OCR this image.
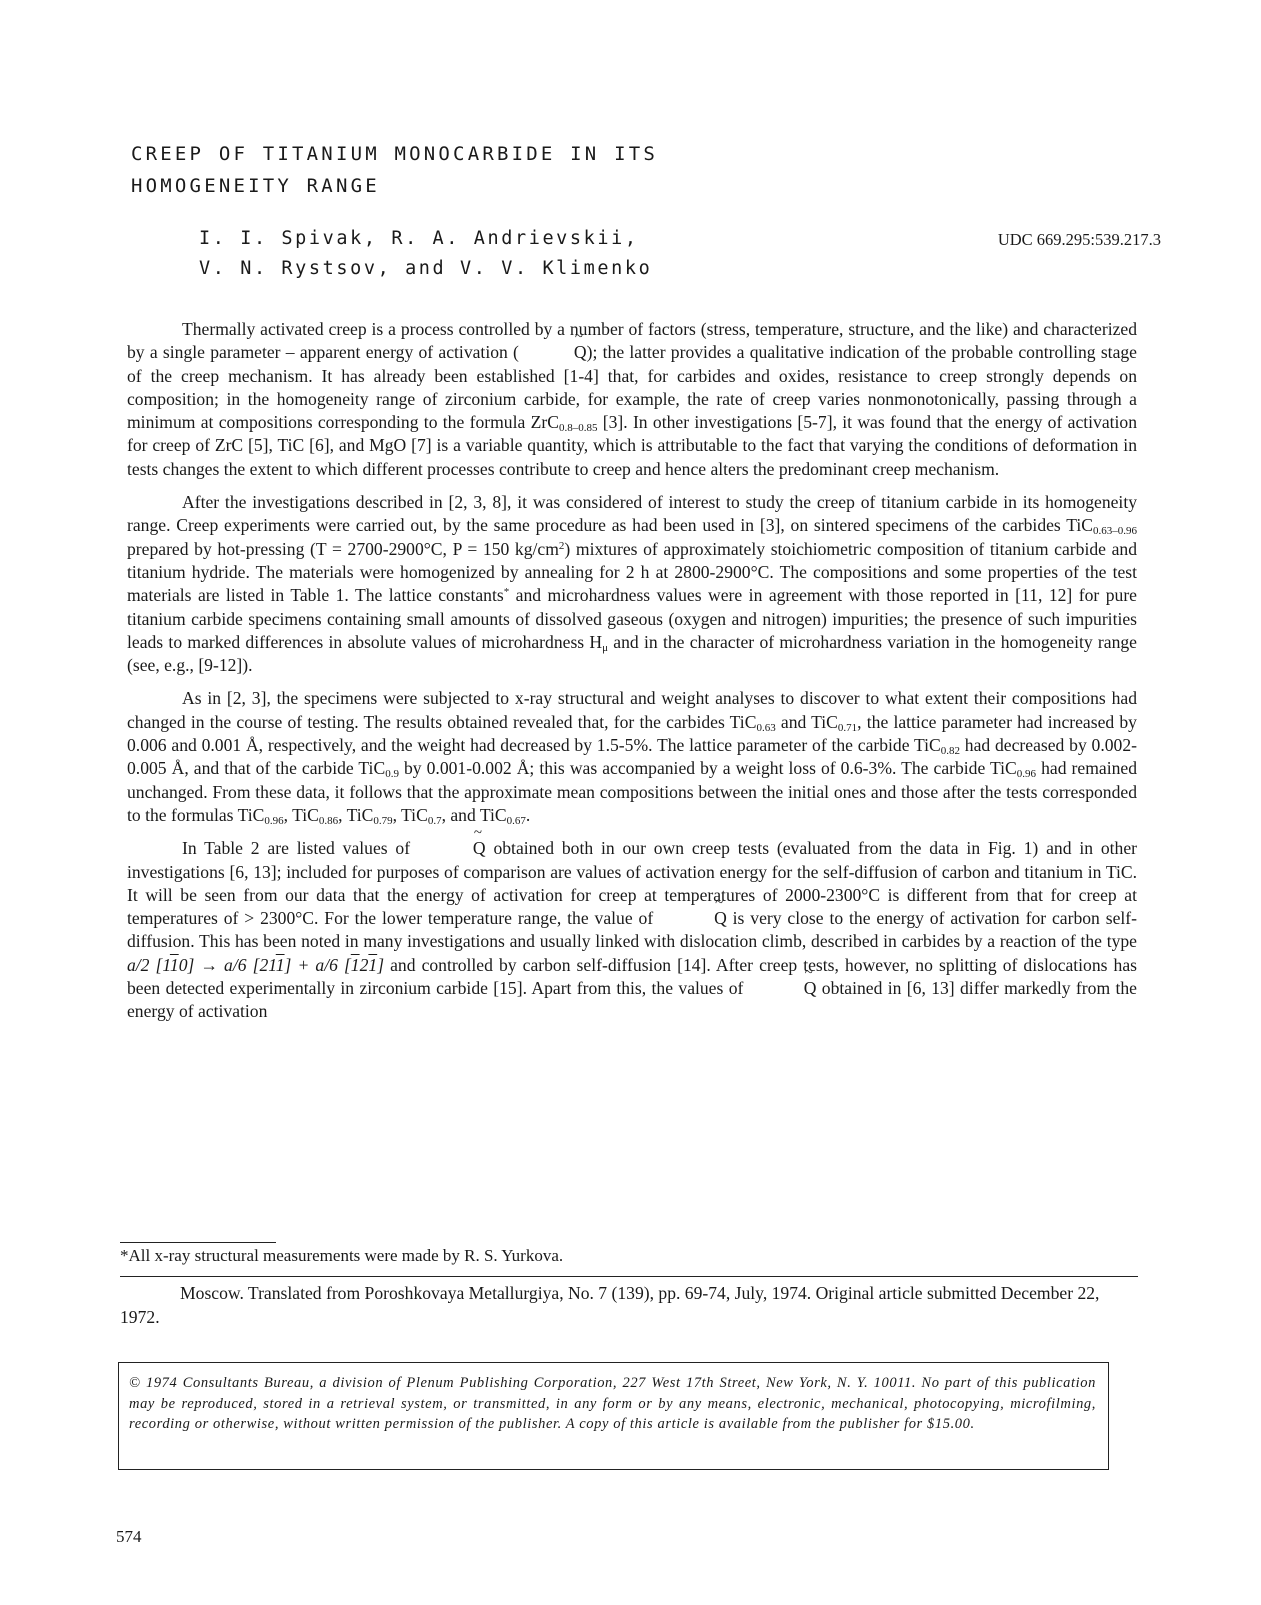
CREEP OF TITANIUM MONOCARBIDE IN ITS
HOMOGENEITY RANGE
I. I. Spivak, R. A. Andrievskii,
V. N. Rystsov, and V. V. Klimenko
UDC 669.295:539.217.3

Thermally activated creep is a process controlled by a number of factors (stress, temperature, structure, and the like) and characterized by a single parameter – apparent energy of activation (	~ Q); the latter provides a qualitative indication of the probable controlling stage of the creep mechanism. It has already been established [1-4] that, for carbides and oxides, resistance to creep strongly depends on composition; in the homogeneity range of zirconium carbide, for example, the rate of creep varies nonmonotonically, passing through a minimum at compositions corresponding to the formula ZrC$_{0.8-0.85}$ [3]. In other investigations [5-7], it was found that the energy of activation for creep of ZrC [5], TiC [6], and MgO [7] is a variable quantity, which is attributable to the fact that varying the conditions of deformation in tests changes the extent to which different processes contribute to creep and hence alters the predominant creep mechanism.

After the investigations described in [2, 3, 8], it was considered of interest to study the creep of titanium carbide in its homogeneity range. Creep experiments were carried out, by the same procedure as had been used in [3], on sintered specimens of the carbides TiC$_{0.63-0.96}$ prepared by hot-pressing (T = 2700-2900°C, P = 150 $kg/cm^2$) mixtures of approximately stoichiometric composition of titanium carbide and titanium hydride. The materials were homogenized by annealing for 2 h at 2800-2900°C. The compositions and some properties of the test materials are listed in Table 1. The lattice constants* and microhardness values were in agreement with those reported in [11, 12] for pure titanium carbide specimens containing small amounts of dissolved gaseous (oxygen and nitrogen) impurities; the presence of such impurities leads to marked differences in absolute values of microhardness $H_\mu$ and in the character of microhardness variation in the homogeneity range (see, e.g., [9-12]).

As in [2, 3], the specimens were subjected to x-ray structural and weight analyses to discover to what extent their compositions had changed in the course of testing. The results obtained revealed that, for the carbides TiC$_{0.63}$ and TiC$_{0.71}$, the lattice parameter had increased by 0.006 and 0.001 Å, respectively, and the weight had decreased by 1.5-5%. The lattice parameter of the carbide TiC$_{0.82}$ had decreased by 0.002-0.005 Å, and that of the carbide TiC$_{0.9}$ by 0.001-0.002 Å; this was accompanied by a weight loss of 0.6-3%. The carbide TiC$_{0.96}$ had remained unchanged. From these data, it follows that the approximate mean compositions between the initial ones and those after the tests corresponded to the formulas TiC$_{0.96}$, TiC$_{0.86}$, TiC$_{0.79}$, TiC$_{0.7}$, and TiC$_{0.67}$.

In Table 2 are listed values of	~ Q obtained both in our own creep tests (evaluated from the data in Fig. 1) and in other investigations [6, 13]; included for purposes of comparison are values of activation energy for the self-diffusion of carbon and titanium in TiC. It will be seen from our data that the energy of activation for creep at temperatures of 2000-2300°C is different from that for creep at temperatures of > 2300°C. For the lower temperature range, the value of	~ Q is very close to the energy of activation for carbon self-diffusion. This has been noted in many investigations and usually linked with dislocation climb, described in carbides by a reaction of the type a/2 [110] → a/6 [211] + a/6 [121] and controlled by carbon self-diffusion [14]. After creep tests, however, no splitting of dislocations has been detected experimentally in zirconium carbide [15]. Apart from this, the values of	~ Q obtained in [6, 13] differ markedly from the energy of activation

*All x-ray structural measurements were made by R. S. Yurkova.

Moscow. Translated from Poroshkovaya Metallurgiya, No. 7 (139), pp. 69-74, July, 1974. Original article submitted December 22, 1972.

© 1974 Consultants Bureau, a division of Plenum Publishing Corporation, 227 West 17th Street, New York, N. Y. 10011. No part of this publication may be reproduced, stored in a retrieval system, or transmitted, in any form or by any means, electronic, mechanical, photocopying, microfilming, recording or otherwise, without written permission of the publisher. A copy of this article is available from the publisher for $15.00.
574
